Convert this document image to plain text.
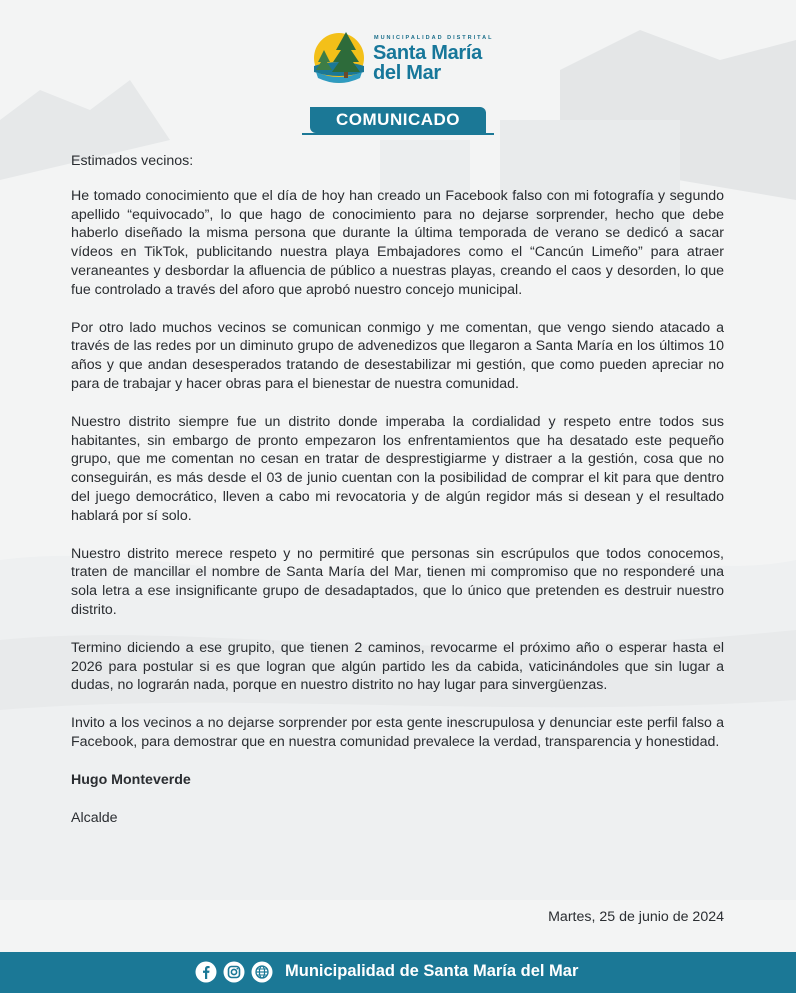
MUNICIPALIDAD DISTRITAL
Santa María
del Mar
COMUNICADO

Estimados vecinos:

He tomado conocimiento que el día de hoy han creado un Facebook falso con mi fotografía y segundo apellido “equivocado”, lo que hago de conocimiento para no dejarse sorprender, hecho que debe haberlo diseñado la misma persona que durante la última temporada de verano se dedicó a sacar vídeos en TikTok, publicitando nuestra playa Embajadores como el “Cancún Limeño” para atraer veraneantes y desbordar la afluencia de público a nuestras playas, creando el caos y desorden, lo que fue controlado a través del aforo que aprobó nuestro concejo municipal.

Por otro lado muchos vecinos se comunican conmigo y me comentan, que vengo siendo atacado a través de las redes por un diminuto grupo de advenedizos que llegaron a Santa María en los últimos 10 años y que andan desesperados tratando de desestabilizar mi gestión, que como pueden apreciar no para de trabajar y hacer obras para el bienestar de nuestra comunidad.

Nuestro distrito siempre fue un distrito donde imperaba la cordialidad y respeto entre todos sus habitantes, sin embargo de pronto empezaron los enfrentamientos que ha desatado este pequeño grupo, que me comentan no cesan en tratar de desprestigiarme y distraer a la gestión, cosa que no conseguirán, es más desde el 03 de junio cuentan con la posibilidad de comprar el kit para que dentro del juego democrático, lleven a cabo mi revocatoria y de algún regidor más si desean y el resultado hablará por sí solo.

Nuestro distrito merece respeto y no permitiré que personas sin escrúpulos que todos conocemos, traten de mancillar el nombre de Santa María del Mar, tienen mi compromiso que no responderé una sola letra a ese insignificante grupo de desadaptados, que lo único que pretenden es destruir nuestro distrito.

Termino diciendo a ese grupito, que tienen 2 caminos, revocarme el próximo año o esperar hasta el 2026 para postular si es que logran que algún partido les da cabida, vaticinándoles que sin lugar a dudas, no lograrán nada, porque en nuestro distrito no hay lugar para sinvergüenzas.

Invito a los vecinos a no dejarse sorprender por esta gente inescrupulosa y denunciar este perfil falso a Facebook, para demostrar que en nuestra comunidad prevalece la verdad, transparencia y honestidad.

Hugo Monteverde

Alcalde

Martes, 25 de junio de 2024
Municipalidad de Santa María del Mar
